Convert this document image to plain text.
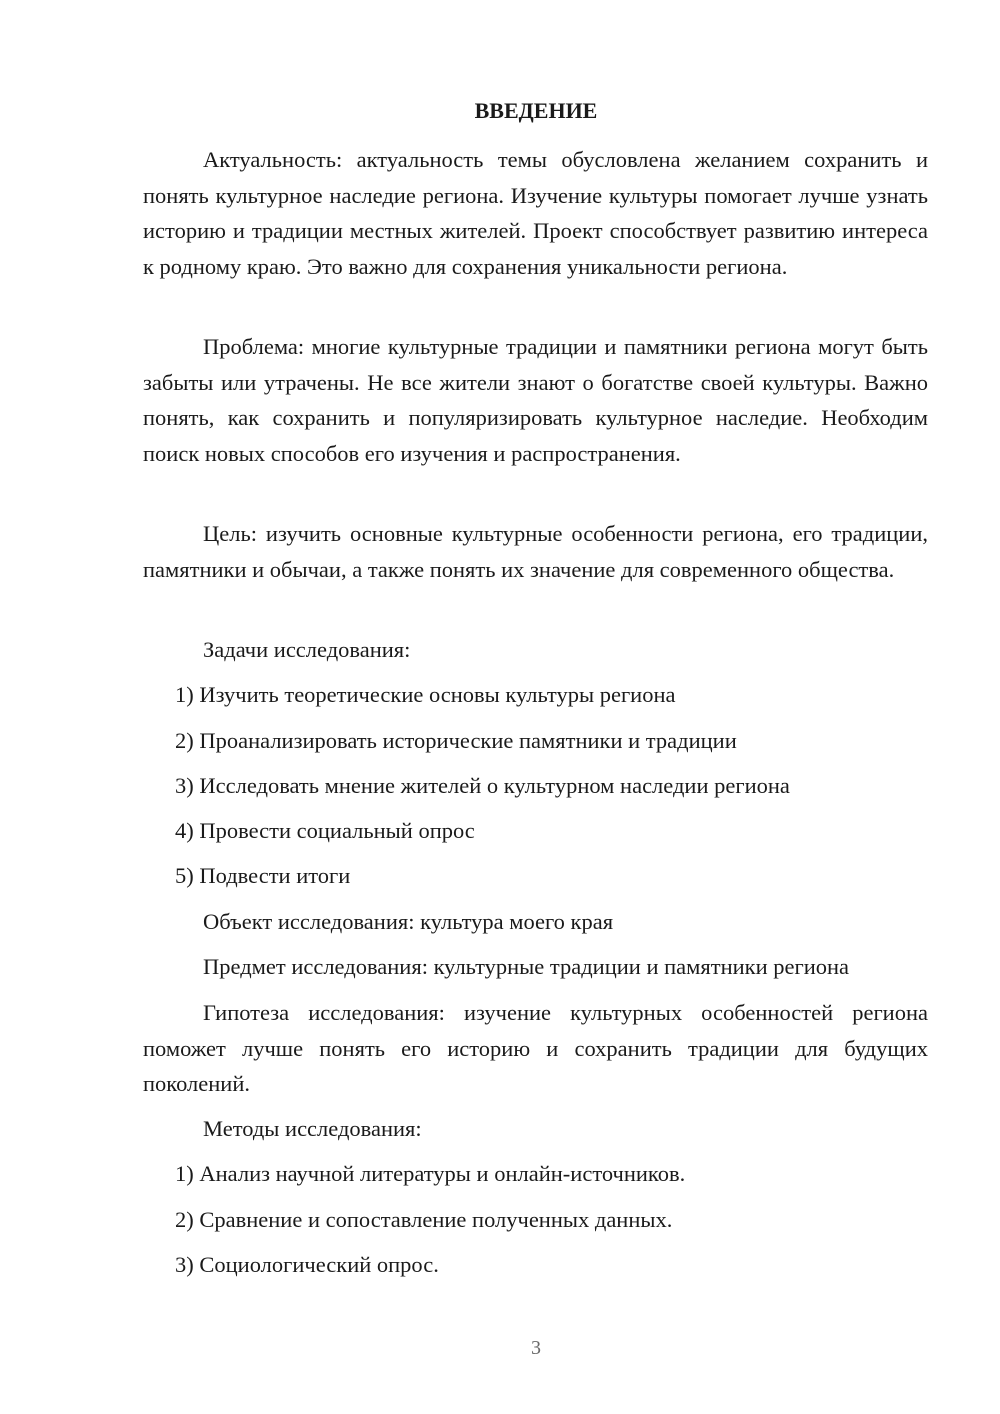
ВВЕДЕНИЕ

Актуальность: актуальность темы обусловлена желанием сохранить и понять культурное наследие региона. Изучение культуры помогает лучше узнать историю и традиции местных жителей. Проект способствует развитию интереса к родному краю. Это важно для сохранения уникальности региона.

Проблема: многие культурные традиции и памятники региона могут быть забыты или утрачены. Не все жители знают о богатстве своей культуры. Важно понять, как сохранить и популяризировать культурное наследие. Необходим поиск новых способов его изучения и распространения.

Цель: изучить основные культурные особенности региона, его традиции, памятники и обычаи, а также понять их значение для современного общества.

Задачи исследования:

1) Изучить теоретические основы культуры региона

2) Проанализировать исторические памятники и традиции

3) Исследовать мнение жителей о культурном наследии региона

4) Провести социальный опрос

5) Подвести итоги

Объект исследования: культура моего края

Предмет исследования: культурные традиции и памятники региона

Гипотеза исследования: изучение культурных особенностей региона поможет лучше понять его историю и сохранить традиции для будущих поколений.

Методы исследования:

1) Анализ научной литературы и онлайн-источников.

2) Сравнение и сопоставление полученных данных.

3) Социологический опрос.

3
